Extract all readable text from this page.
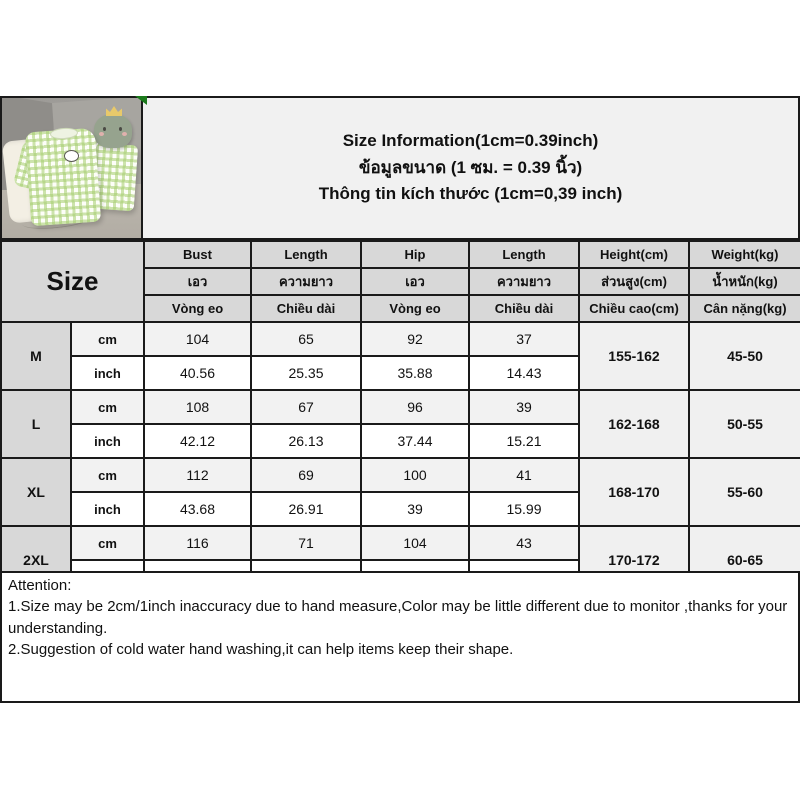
Size Information(1cm=0.39inch)
ข้อมูลขนาด (1 ซม. = 0.39 นิ้ว)
Thông tin kích thước (1cm=0,39 inch)
Size		Bust	Length	Hip	Length	Height(cm)	Weight(kg)
		เอว	ความยาว	เอว	ความยาว	ส่วนสูง(cm)	น้ำหนัก(kg)
		Vòng eo	Chiều dài	Vòng eo	Chiều dài	Chiều cao(cm)	Cân nặng(kg)
M	cm	104	65	92	37	155-162	45-50
	inch	40.56	25.35	35.88	14.43		
L	cm	108	67	96	39	162-168	50-55
	inch	42.12	26.13	37.44	15.21		
XL	cm	112	69	100	41	168-170	55-60
	inch	43.68	26.91	39	15.99		
2XL	cm	116	71	104	43	170-172	60-65

Attention:

1.Size may be 2cm/1inch inaccuracy due to hand measure,Color may be little different due to monitor ,thanks for your understanding.

2.Suggestion of cold water hand washing,it can help items keep their shape.
